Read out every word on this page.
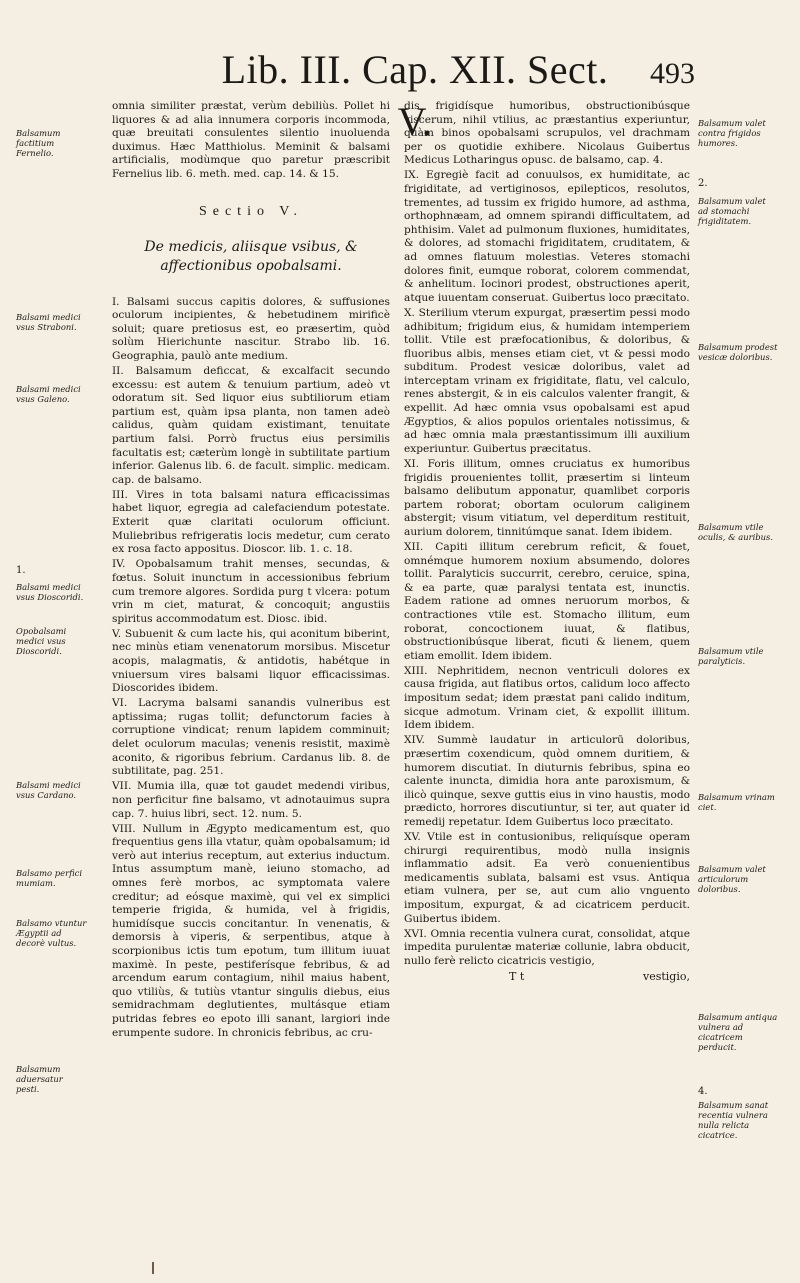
Lib. III. Cap. XII. Sect. V.
493

omnia similiter præstat, verùm debiliùs. Pollet hi liquores & ad alia innumera corporis incommoda, quæ breuitati consulentes silentio inuoluenda duximus. Hæc Matthiolus. Meminit & balsami artificialis, modùmque quo paretur præscribit Fernelius lib. 6. meth. med. cap. 14. & 15.

Sectio V.
De medicis, aliisque vsibus, & affectionibus opobalsami.

I. Balsami succus capitis dolores, & suffusiones oculorum incipientes, & hebetudinem mirificè soluit; quare pretiosus est, eo præsertim, quòd solùm Hierichunte nascitur. Strabo lib. 16. Geographia, paulò ante medium.

II. Balsamum deficcat, & excalfacit secundo excessu: est autem & tenuium partium, adeò vt odoratum sit. Sed liquor eius subtiliorum etiam partium est, quàm ipsa planta, non tamen adeò calidus, quàm quidam existimant, tenuitate partium falsi. Porrò fructus eius persimilis facultatis est; cæterùm longè in subtilitate partium inferior. Galenus lib. 6. de facult. simplic. medicam. cap. de balsamo.

III. Vires in tota balsami natura efficacissimas habet liquor, egregia ad calefaciendum potestate. Exterit quæ claritati oculorum officiunt. Muliebribus refrigeratis locis medetur, cum cerato ex rosa facto appositus. Dioscor. lib. 1. c. 18.

IV. Opobalsamum trahit menses, secundas, & fœtus. Soluit inunctum in accessionibus febrium cum tremore algores. Sordida purg t vlcera: potum vrin m ciet, maturat, & concoquit; angustiis spiritus accommodatum est. Diosc. ibid.

V. Subuenit & cum lacte his, qui aconitum biberint, nec minùs etiam venenatorum morsibus. Miscetur acopis, malagmatis, & antidotis, habétque in vniuersum vires balsami liquor efficacissimas. Dioscorides ibidem.

VI. Lacryma balsami sanandis vulneribus est aptissima; rugas tollit; defunctorum facies à corruptione vindicat; renum lapidem comminuit; delet oculorum maculas; venenis resistit, maximè aconito, & rigoribus febrium. Cardanus lib. 8. de subtilitate, pag. 251.

VII. Mumia illa, quæ tot gaudet medendi viribus, non perficitur fine balsamo, vt adnotauimus supra cap. 7. huius libri, sect. 12. num. 5.

VIII. Nullum in Ægypto medicamentum est, quo frequentius gens illa vtatur, quàm opobalsamum; id verò aut interius receptum, aut exterius inductum. Intus assumptum manè, ieiuno stomacho, ad omnes ferè morbos, ac symptomata valere creditur; ad eósque maximè, qui vel ex simplici temperie frigida, & humida, vel à frigidis, humidísque succis concitantur. In venenatis, & demorsis à viperis, & serpentibus, atque à scorpionibus ictis tum epotum, tum illitum iuuat maximè. In peste, pestiferísque febribus, & ad arcendum earum contagium, nihil maius habent, quo vtiliùs, & tutiùs vtantur singulis diebus, eius semidrachmam deglutientes, multásque etiam putridas febres eo epoto illi sanant, largiori inde erumpente sudore. In chronicis febribus, ac cru-

dis frigidísque humoribus, obstructionibúsque viscerum, nihil vtilius, ac præstantius experiuntur, quàm binos opobalsami scrupulos, vel drachmam per os quotidie exhibere. Nicolaus Guibertus Medicus Lotharingus opusc. de balsamo, cap. 4.

IX. Egregiè facit ad conuulsos, ex humiditate, ac frigiditate, ad vertiginosos, epilepticos, resolutos, trementes, ad tussim ex frigido humore, ad asthma, orthophnæam, ad omnem spirandi difficultatem, ad phthisim. Valet ad pulmonum fluxiones, humiditates, & dolores, ad stomachi frigiditatem, cruditatem, & ad omnes flatuum molestias. Veteres stomachi dolores finit, eumque roborat, colorem commendat, & anhelitum. Iocinori prodest, obstructiones aperit, atque iuuentam conseruat. Guibertus loco præcitato.

X. Sterilium vterum expurgat, præsertim pessi modo adhibitum; frigidum eius, & humidam intemperiem tollit. Vtile est præfocationibus, & doloribus, & fluoribus albis, menses etiam ciet, vt & pessi modo subditum. Prodest vesicæ doloribus, valet ad interceptam vrinam ex frigiditate, flatu, vel calculo, renes abstergit, & in eis calculos valenter frangit, & expellit. Ad hæc omnia vsus opobalsami est apud Ægyptios, & alios populos orientales notissimus, & ad hæc omnia mala præstantissimum illi auxilium experiuntur. Guibertus præcitatus.

XI. Foris illitum, omnes cruciatus ex humoribus frigidis prouenientes tollit, præsertim si linteum balsamo delibutum apponatur, quamlibet corporis partem roborat; obortam oculorum caliginem abstergit; visum vitiatum, vel deperditum restituit, aurium dolorem, tinnitúmque sanat. Idem ibidem.

XII. Capiti illitum cerebrum reficit, & fouet, omnémque humorem noxium absumendo, dolores tollit. Paralyticis succurrit, cerebro, ceruice, spina, & ea parte, quæ paralysi tentata est, inunctis. Eadem ratione ad omnes neruorum morbos, & contractiones vtile est. Stomacho illitum, eum roborat, concoctionem iuuat, & flatibus, obstructionibúsque liberat, ficuti & lienem, quem etiam emollit. Idem ibidem.

XIII. Nephritidem, necnon ventriculi dolores ex causa frigida, aut flatibus ortos, calidum loco affecto impositum sedat; idem præstat pani calido inditum, sicque admotum. Vrinam ciet, & expollit illitum. Idem ibidem.

XIV. Summè laudatur in articulorū doloribus, præsertim coxendicum, quòd omnem duritiem, & humorem discutiat. In diuturnis febribus, spina eo calente inuncta, dimidia hora ante paroxismum, & ilicò quinque, sexve guttis eius in vino haustis, modo prædicto, horrores discutiuntur, si ter, aut quater id remedij repetatur. Idem Guibertus loco præcitato.

XV. Vtile est in contusionibus, reliquísque operam chirurgi requirentibus, modò nulla insignis inflammatio adsit. Ea verò conuenientibus medicamentis sublata, balsami est vsus. Antiqua etiam vulnera, per se, aut cum alio vnguento impositum, expurgat, & ad cicatricem perducit. Guibertus ibidem.

XVI. Omnia recentia vulnera curat, consolidat, atque impedita purulentæ materiæ collunie, labra obducit, nullo ferè relicto cicatricis vestigio,

T t	vestigio,
Balsamum factitium Fernelio.
Balsami medici vsus Straboni.
Balsami medici vsus Galeno.
1.
Balsami medici vsus Dioscoridi.
Opobalsami medici vsus Dioscoridi.
Balsami medici vsus Cardano.
Balsamo perfici mumiam.
Balsamo vtuntur Ægyptii ad decorè vultus.
Balsamum aduersatur pesti.
Balsamum valet contra frigidos humores.
2.
Balsamum valet ad stomachi frigiditatem.
Balsamum prodest vesicæ doloribus.
Balsamum vtile oculis, & auribus.
Balsamum vtile paralyticis.
Balsamum vrinam ciet.
Balsamum valet articulorum doloribus.
Balsamum antiqua vulnera ad cicatricem perducit.
4.
Balsamum sanat recentia vulnera nulla relicta cicatrice.
